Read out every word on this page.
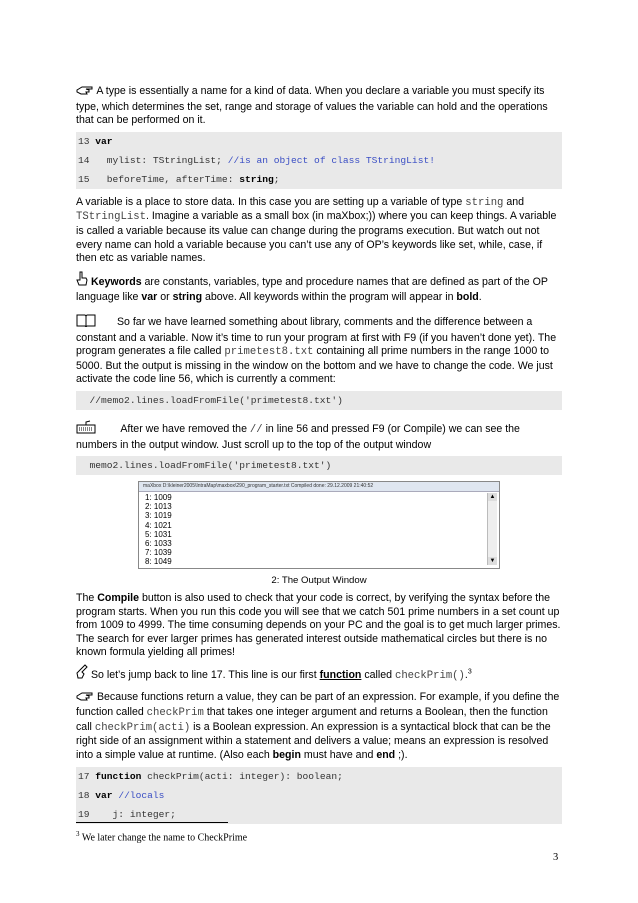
A type is essentially a name for a kind of data. When you declare a variable you must specify its type, which determines the set, range and storage of values the variable can hold and the operations that can be performed on it.

13 var
14   mylist: TStringList; //is an object of class TStringList!
15   beforeTime, afterTime: string;

A variable is a place to store data. In this case you are setting up a variable of type string and TStringList. Imagine a variable as a small box (in maXbox;)) where you can keep things. A variable is called a variable because its value can change during the programs execution. But watch out not every name can hold a variable because you can’t use any of OP’s keywords like set, while, case, if then etc as variable names.

Keywords are constants, variables, type and procedure names that are defined as part of the OP language like var or string above. All keywords within the program will appear in bold.

So far we have learned something about library, comments and the difference between a constant and a variable. Now it’s time to run your program at first with F9 (if you haven’t done yet). The program generates a file called primetest8.txt containing all prime numbers in the range 1000 to 5000. But the output is missing in the window on the bottom and we have to change the code. We just activate the code line 56, which is currently a comment:

//memo2.lines.loadFromFile('primetest8.txt')

After we have removed the // in line 56 and pressed F9 (or Compile) we can see the numbers in the output window. Just scroll up to the top of the output window

memo2.lines.loadFromFile('primetest8.txt')
maXbox D:\kleiner2005\IntraMap\maxbox\290_program_starter.txt Compiled done: 29.12.2009 21:40:52
1: 1009
2: 1013
3: 1019
4: 1021
5: 1031
6: 1033
7: 1039
8: 1049
▲
▼
2: The Output Window

The Compile button is also used to check that your code is correct, by verifying the syntax before the program starts. When you run this code you will see that we catch 501 prime numbers in a set count up from 1009 to 4999. The time consuming depends on your PC and the goal is to get much larger primes. The search for ever larger primes has generated interest outside mathematical circles but there is no known formula yielding all primes!

So let’s jump back to line 17. This line is our first function called checkPrim().$^3$

Because functions return a value, they can be part of an expression. For example, if you define the function called checkPrim that takes one integer argument and returns a Boolean, then the function call checkPrim(acti) is a Boolean expression. An expression is a syntactical block that can be the right side of an assignment within a statement and delivers a value; means an expression is resolved into a simple value at runtime. (Also each begin must have and end ;).

17 function checkPrim(acti: integer): boolean;
18 var //locals
19    j: integer;
$^3$ We later change the name to CheckPrime
3
